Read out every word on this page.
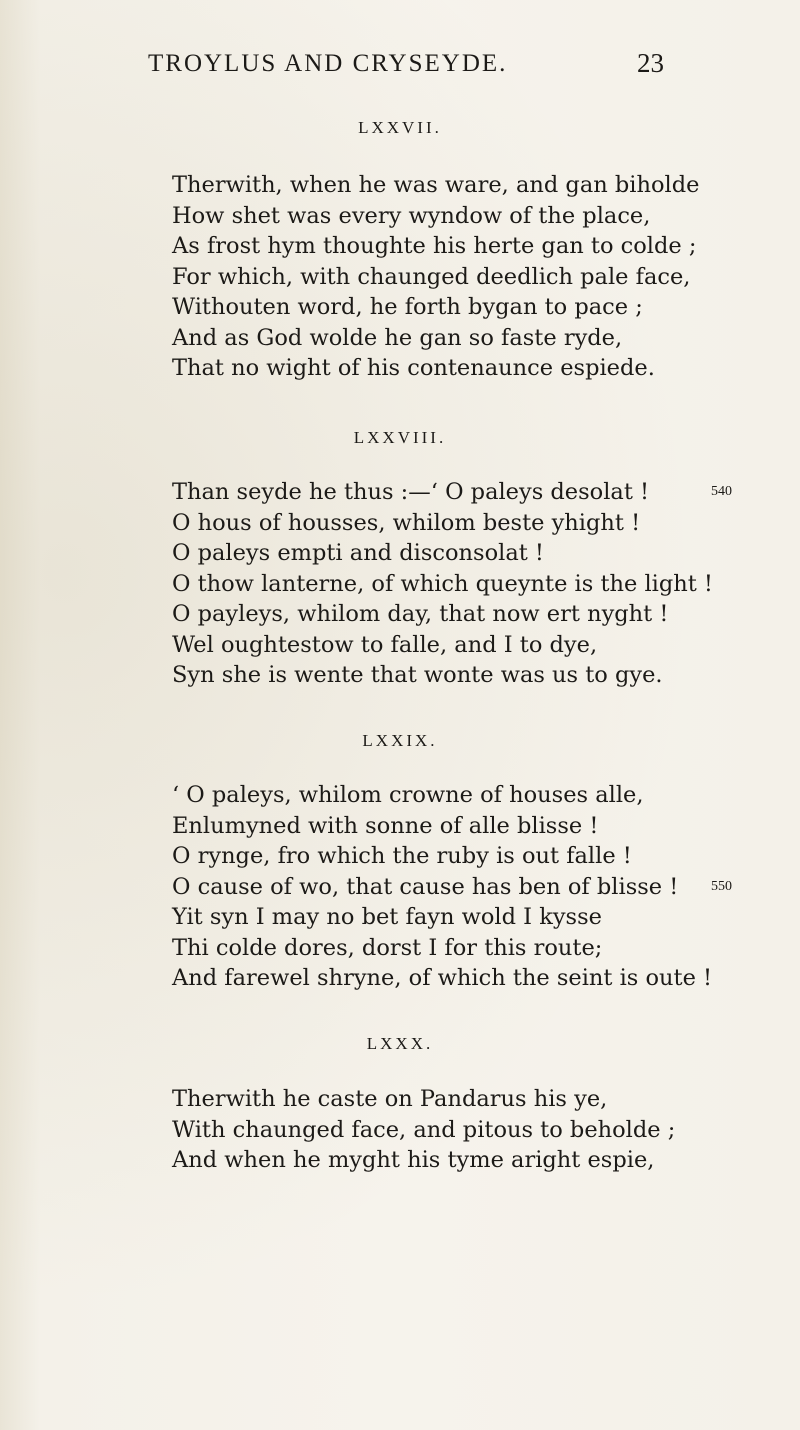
TROYLUS AND CRYSEYDE.	23
LXXVII.
Therwith, when he was ware, and gan biholde
How shet was every wyndow of the place,
As frost hym thoughte his herte gan to colde ;
For which, with chaunged deedlich pale face,
Withouten word, he forth bygan to pace ;
And as God wolde he gan so faste ryde,
That no wight of his contenaunce espiede.
LXXVIII.
540
Than seyde he thus :—‘ O paleys desolat !
O hous of housses, whilom beste yhight !
O paleys empti and disconsolat !
O thow lanterne, of which queynte is the light !
O payleys, whilom day, that now ert nyght !
Wel oughtestow to falle, and I to dye,
Syn she is wente that wonte was us to gye.
LXXIX.
550
‘ O paleys, whilom crowne of houses alle,
Enlumyned with sonne of alle blisse !
O rynge, fro which the ruby is out falle !
O cause of wo, that cause has ben of blisse !
Yit syn I may no bet fayn wold I kysse
Thi colde dores, dorst I for this route;
And farewel shryne, of which the seint is oute !
LXXX.
Therwith he caste on Pandarus his ye,
With chaunged face, and pitous to beholde ;
And when he myght his tyme aright espie,
